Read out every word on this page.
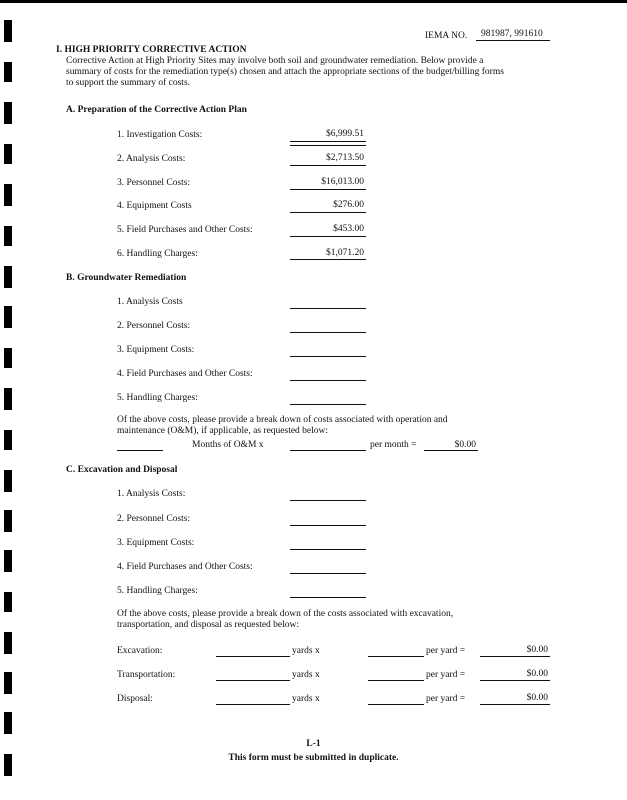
IEMA NO. 981987, 991610
I. HIGH PRIORITY CORRECTIVE ACTION
Corrective Action at High Priority Sites may involve both soil and groundwater remediation. Below provide a summary of costs for the remediation type(s) chosen and attach the appropriate sections of the budget/billing forms to support the summary of costs.
A. Preparation of the Corrective Action Plan
1. Investigation Costs:	$6,999.51
2. Analysis Costs:	$2,713.50
3. Personnel Costs:	$16,013.00
4. Equipment Costs	$276.00
5. Field Purchases and Other Costs:	$453.00
6. Handling Charges:	$1,071.20
B. Groundwater Remediation
1. Analysis Costs
2. Personnel Costs:
3. Equipment Costs:
4. Field Purchases and Other Costs:
5. Handling Charges:
Of the above costs, please provide a break down of costs associated with operation and maintenance (O&M), if applicable, as requested below:
Months of O&M x	per month =	$0.00
C. Excavation and Disposal
1. Analysis Costs:
2. Personnel Costs:
3. Equipment Costs:
4. Field Purchases and Other Costs:
5. Handling Charges:
Of the above costs, please provide a break down of the costs associated with excavation, transportation, and disposal as requested below:
Excavation:	yards x	per yard =	$0.00
Transportation:	yards x	per yard =	$0.00
Disposal:	yards x	per yard =	$0.00
L-1
This form must be submitted in duplicate.
